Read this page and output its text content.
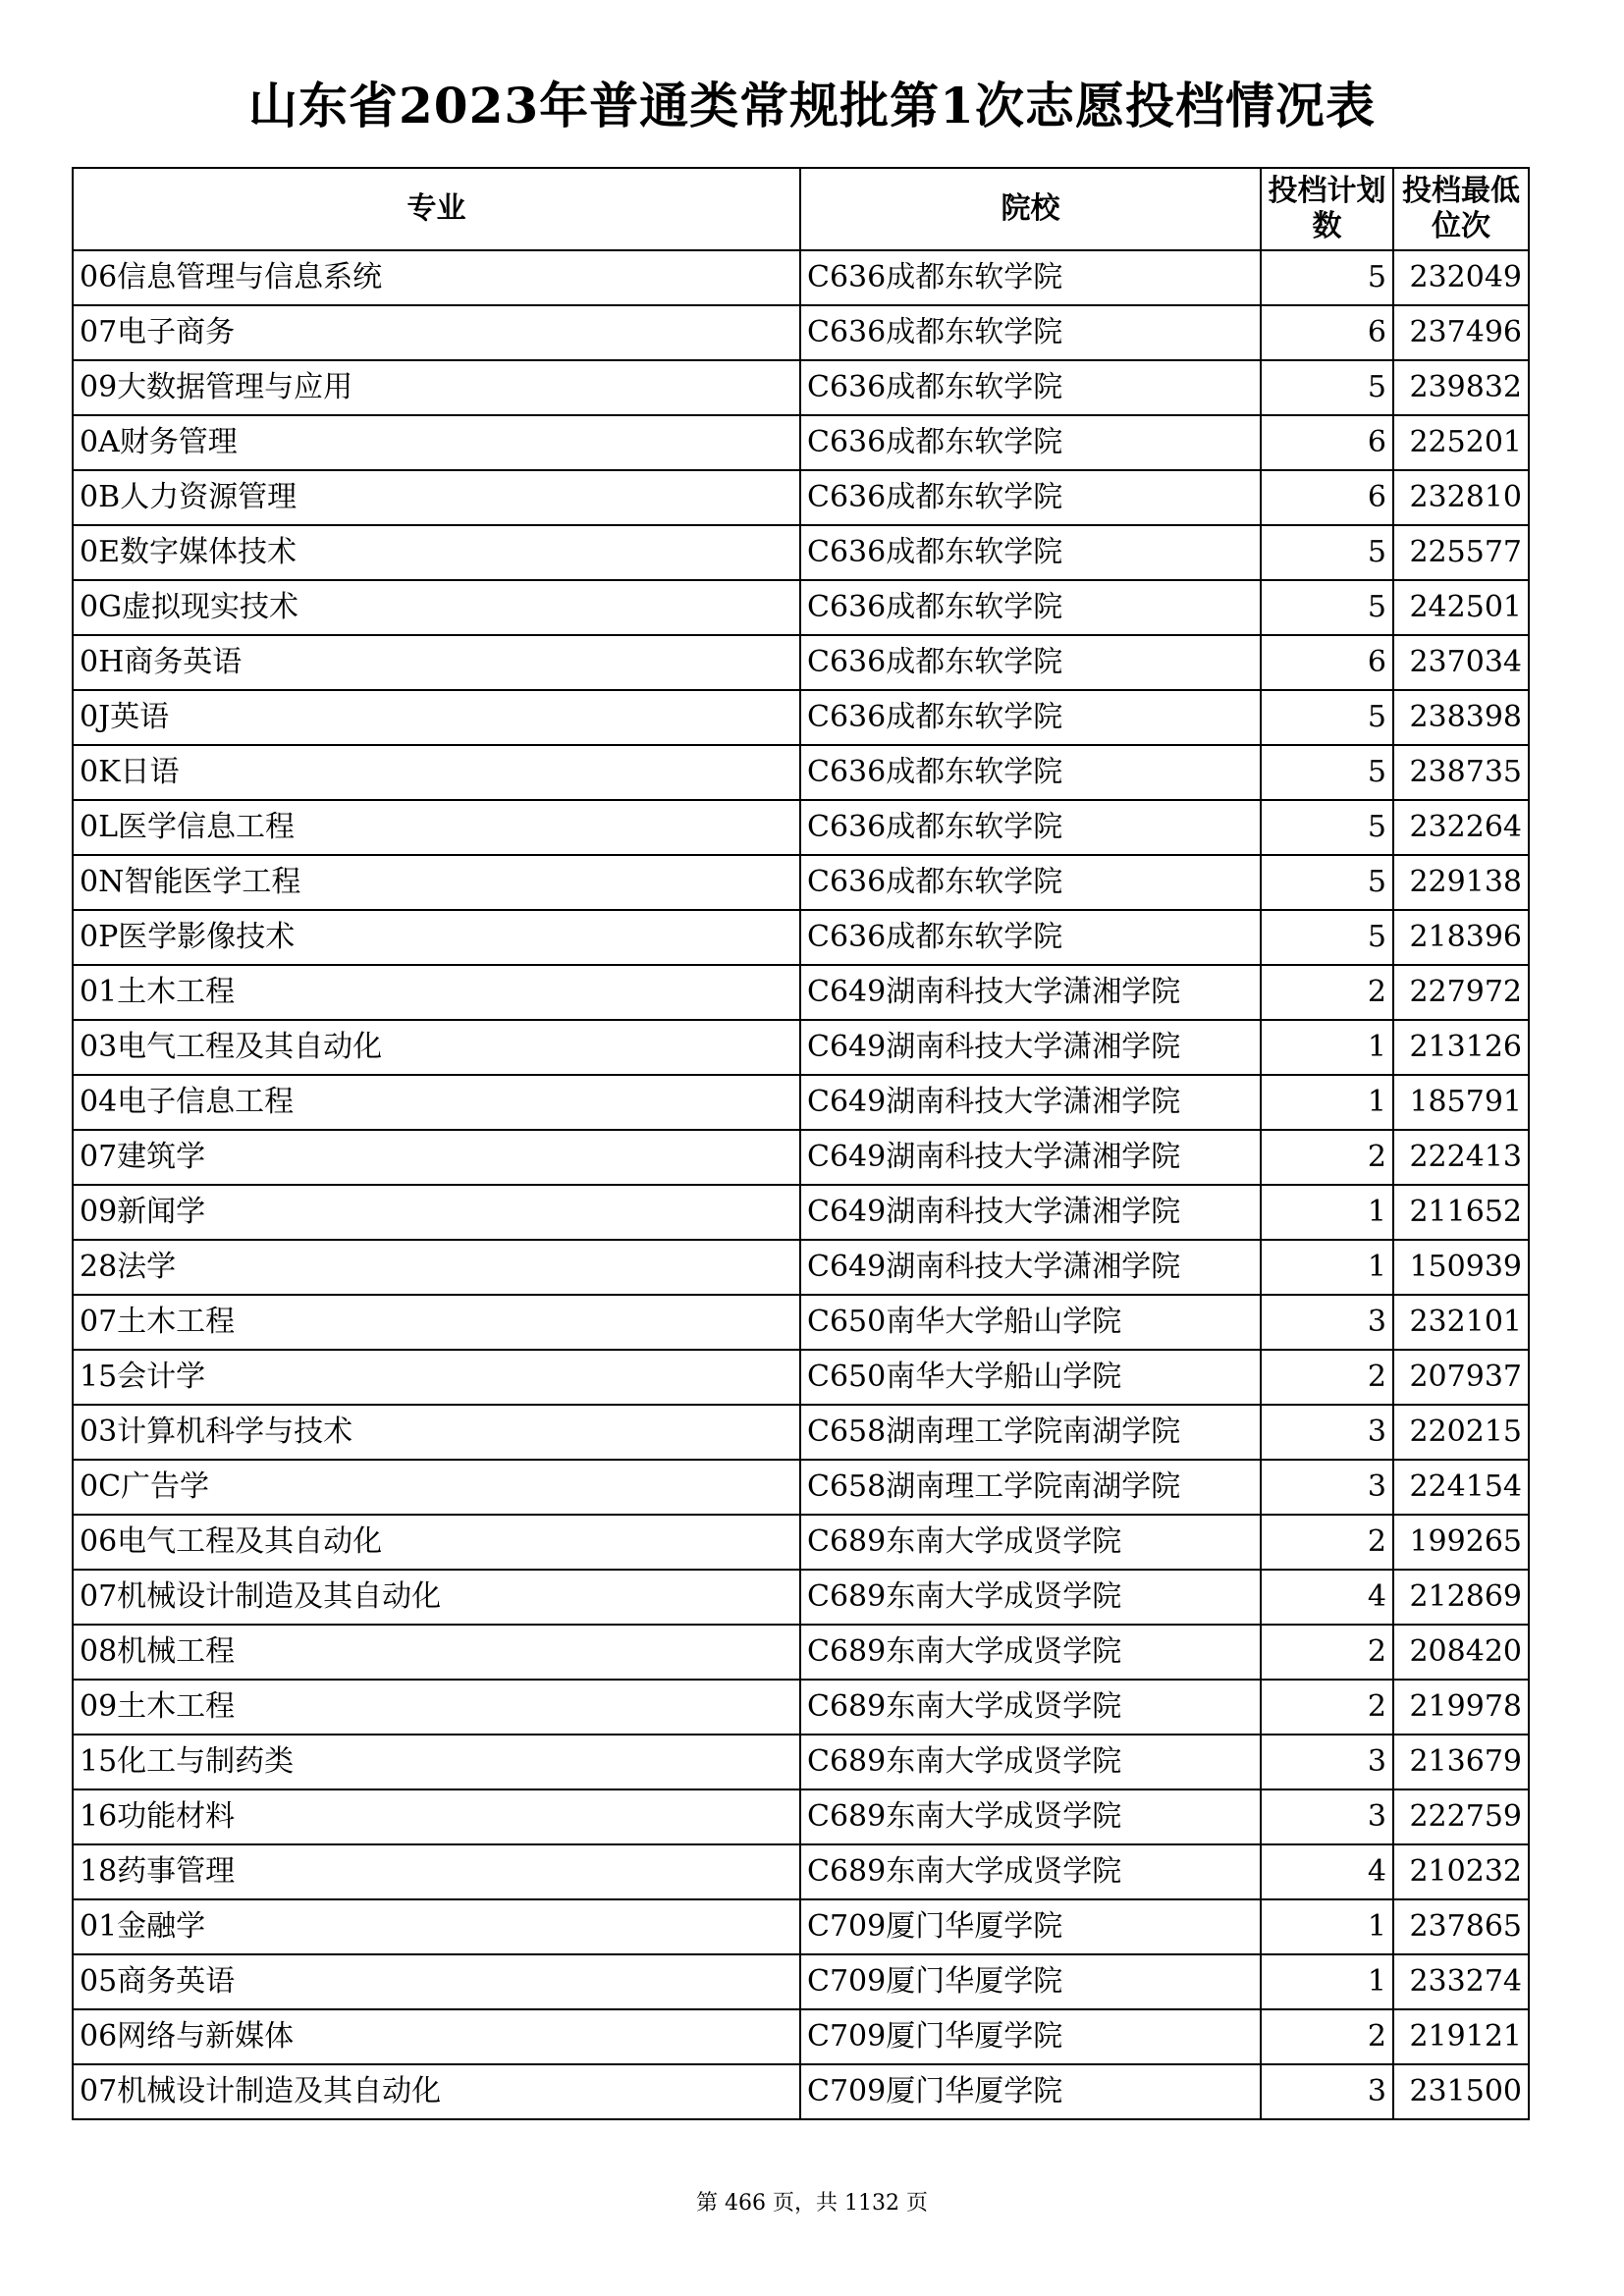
山东省2023年普通类常规批第1次志愿投档情况表
专业	院校	投档计划数	投档最低位次
06信息管理与信息系统	C636成都东软学院	5	232049
07电子商务	C636成都东软学院	6	237496
09大数据管理与应用	C636成都东软学院	5	239832
0A财务管理	C636成都东软学院	6	225201
0B人力资源管理	C636成都东软学院	6	232810
0E数字媒体技术	C636成都东软学院	5	225577
0G虚拟现实技术	C636成都东软学院	5	242501
0H商务英语	C636成都东软学院	6	237034
0J英语	C636成都东软学院	5	238398
0K日语	C636成都东软学院	5	238735
0L医学信息工程	C636成都东软学院	5	232264
0N智能医学工程	C636成都东软学院	5	229138
0P医学影像技术	C636成都东软学院	5	218396
01土木工程	C649湖南科技大学潇湘学院	2	227972
03电气工程及其自动化	C649湖南科技大学潇湘学院	1	213126
04电子信息工程	C649湖南科技大学潇湘学院	1	185791
07建筑学	C649湖南科技大学潇湘学院	2	222413
09新闻学	C649湖南科技大学潇湘学院	1	211652
28法学	C649湖南科技大学潇湘学院	1	150939
07土木工程	C650南华大学船山学院	3	232101
15会计学	C650南华大学船山学院	2	207937
03计算机科学与技术	C658湖南理工学院南湖学院	3	220215
0C广告学	C658湖南理工学院南湖学院	3	224154
06电气工程及其自动化	C689东南大学成贤学院	2	199265
07机械设计制造及其自动化	C689东南大学成贤学院	4	212869
08机械工程	C689东南大学成贤学院	2	208420
09土木工程	C689东南大学成贤学院	2	219978
15化工与制药类	C689东南大学成贤学院	3	213679
16功能材料	C689东南大学成贤学院	3	222759
18药事管理	C689东南大学成贤学院	4	210232
01金融学	C709厦门华厦学院	1	237865
05商务英语	C709厦门华厦学院	1	233274
06网络与新媒体	C709厦门华厦学院	2	219121
07机械设计制造及其自动化	C709厦门华厦学院	3	231500
第 466 页，共 1132 页
